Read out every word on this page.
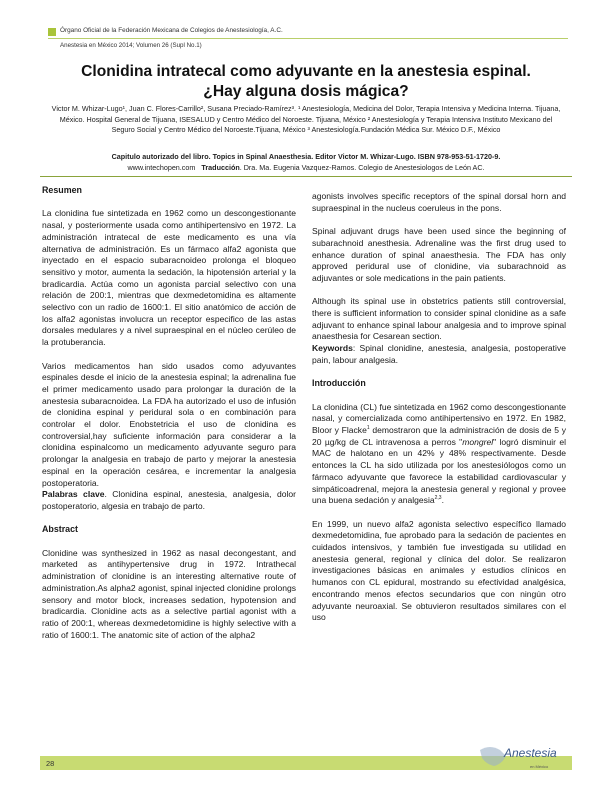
Órgano Oficial de la Federación Mexicana de Colegios de Anestesiología, A.C.
Anestesia en México 2014; Volumen 26 (Supl No.1)
Clonidina intratecal como adyuvante en la anestesia espinal.
¿Hay alguna dosis mágica?
Victor M. Whizar-Lugo¹, Juan C. Flores-Carrillo², Susana Preciado-Ramírez³. ¹ Anestesiología, Medicina del Dolor, Terapia Intensiva y Medicina Interna. Tijuana, México. Hospital General de Tijuana, ISESALUD y Centro Médico del Noroeste. Tijuana, México ² Anestesiología y Terapia Intensiva Instituto Mexicano del Seguro Social y Centro Médico del Noroeste.Tijuana, México ³ Anestesiología.Fundación Médica Sur. México D.F., México
Capitulo autorizado del libro. Topics in Spinal Anaesthesia. Editor Victor M. Whizar-Lugo. ISBN 978-953-51-1720-9.
www.intechopen.com Traducción. Dra. Ma. Eugenia Vazquez-Ramos. Colegio de Anestesiologos de León AC.

Resumen

La clonidina fue sintetizada en 1962 como un descongestionante nasal, y posteriormente usada como antihipertensivo en 1972. La administración intratecal de este medicamento es una vía alternativa de administración. Es un fármaco alfa2 agonista que inyectado en el espacio subaracnoideo prolonga el bloqueo sensitivo y motor, aumenta la sedación, la hipotensión arterial y la bradicardia. Actúa como un agonista parcial selectivo con una relación de 200:1, mientras que dexmedetomidina es altamente selectivo con un radio de 1600:1. El sitio anatómico de acción de los alfa2 agonistas involucra un receptor especifico de las astas dorsales medulares y a nivel supraespinal en el núcleo cerúleo de la protuberancia.

Varios medicamentos han sido usados como adyuvantes espinales desde el inicio de la anestesia espinal; la adrenalina fue el primer medicamento usado para prolongar la duración de la anestesia subaracnoidea. La FDA ha autorizado el uso de infusión de clonidina espinal y peridural sola o en combinación para controlar el dolor. Enobstetricia el uso de clonidina es controversial,hay suficiente información para considerar a la clonidina espinalcomo un medicamento adyuvante seguro para prolongar la analgesia en trabajo de parto y mejorar la anestesia espinal en la operación cesárea, e incrementar la analgesia postoperatoria.

Palabras clave. Clonidina espinal, anestesia, analgesia, dolor postoperatorio, algesia en trabajo de parto.

Abstract

Clonidine was synthesized in 1962 as nasal decongestant, and marketed as antihypertensive drug in 1972. Intrathecal administration of clonidine is an interesting alternative route of administration.As alpha2 agonist, spinal injected clonidine prolongs sensory and motor block, increases sedation, hypotension and bradicardia. Clonidine acts as a selective partial agonist with a ratio of 200:1, whereas dexmedetomidine is highly selective with a ratio of 1600:1. The anatomic site of action of the alpha2

agonists involves specific receptors of the spinal dorsal horn and supraespinal in the nucleus coeruleus in the pons.

Spinal adjuvant drugs have been used since the beginning of subarachnoid anesthesia. Adrenaline was the first drug used to enhance duration of spinal anaesthesia. The FDA has only approved peridural use of clonidine, via subarachnoid as adjuvantes or sole medications in the pain patients.

Although its spinal use in obstetrics patients still controversial, there is sufficient information to consider spinal clonidine as a safe adjuvant to enhance spinal labour analgesia and to improve spinal anaesthesia for Cesarean section.

Keywords: Spinal clonidine, anestesia, analgesia, postoperative pain, labour analgesia.

Introducción

La clonidina (CL) fue sintetizada en 1962 como descongestionante nasal, y comercializada como antihipertensivo en 1972. En 1982, Bloor y Flacke$^1$ demostraron que la administración de dosis de 5 y 20 µg/kg de CL intravenosa a perros "mongrel" logró disminuir el MAC de halotano en un 42% y 48% respectivamente. Desde entonces la CL ha sido utilizada por los anestesiólogos como un fármaco adyuvante que favorece la estabilidad cardiovascular y simpáticoadrenal, mejora la anestesia general y regional y provee una buena sedación y analgesia$^{2,3}$.

En 1999, un nuevo alfa2 agonista selectivo específico llamado dexmedetomidina, fue aprobado para la sedación de pacientes en cuidados intensivos, y también fue investigada su utilidad en anestesia general, regional y clínica del dolor. Se realizaron investigaciones básicas en animales y estudios clínicos en humanos con CL epidural, mostrando su efectividad analgésica, encontrando menos efectos secundarios que con ningún otro adyuvante neuroaxial. Se obtuvieron resultados similares con el uso

28
Anestesia
en México
